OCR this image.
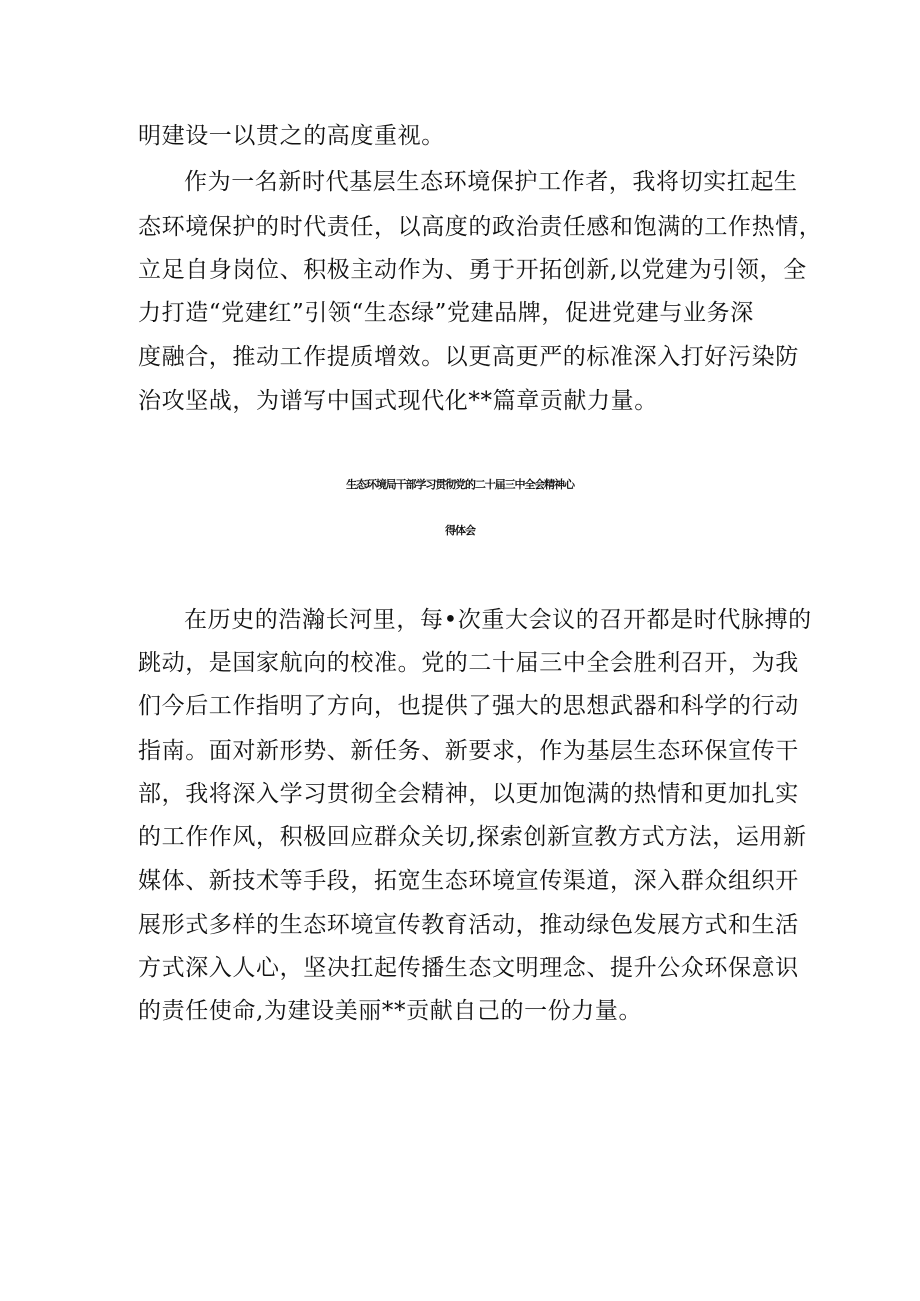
明建设一以贯之的高度重视。
作为一名新时代基层生态环境保护工作者，我将切实扛起生
态环境保护的时代责任，以高度的政治责任感和饱满的工作热情，
立足自身岗位、积极主动作为、勇于开拓创新,以党建为引领，全
力打造“党建红”引领“生态绿”党建品牌，促进党建与业务深
度融合，推动工作提质增效。以更高更严的标准深入打好污染防
治攻坚战，为谱写中国式现代化**篇章贡献力量。
生态环境局干部学习贯彻党的二十届三中全会精神心
得体会
在历史的浩瀚长河里，每•次重大会议的召开都是时代脉搏的
跳动，是国家航向的校准。党的二十届三中全会胜利召开，为我
们今后工作指明了方向，也提供了强大的思想武器和科学的行动
指南。面对新形势、新任务、新要求，作为基层生态环保宣传干
部，我将深入学习贯彻全会精神，以更加饱满的热情和更加扎实
的工作作风，积极回应群众关切,探索创新宣教方式方法，运用新
媒体、新技术等手段，拓宽生态环境宣传渠道，深入群众组织开
展形式多样的生态环境宣传教育活动，推动绿色发展方式和生活
方式深入人心，坚决扛起传播生态文明理念、提升公众环保意识
的责任使命,为建设美丽**贡献自己的一份力量。
